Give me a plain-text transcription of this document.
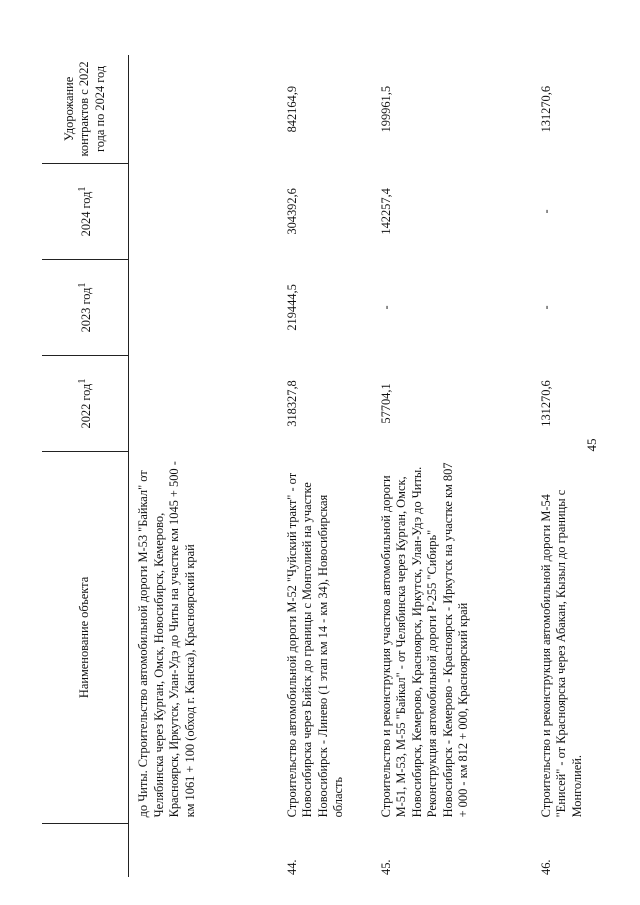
45
	Наименование объекта	2022 год$^1$	2023 год$^1$	2024 год$^1$	Удорожание контрактов с 2022 года по 2024 год
	до Читы. Строительство автомобильной дороги М-53 "Байкал" от Челябинска через Курган, Омск, Новосибирск, Кемерово, Красноярск, Иркутск, Улан-Удэ до Читы на участке км 1045 + 500 - км 1061 + 100 (обход г. Канска), Красноярский край				
44.	Строительство автомобильной дороги М-52 "Чуйский тракт" - от Новосибирска через Бийск до границы с Монголией на участке Новосибирск - Линево (1 этап км 14 - км 34), Новосибирская область	318327,8	219444,5	304392,6	842164,9
45.	Строительство и реконструкция участков автомобильной дороги М-51, М-53, М-55 "Байкал" - от Челябинска через Курган, Омск, Новосибирск, Кемерово, Красноярск, Иркутск, Улан-Удэ до Читы. Реконструкция автомобильной дороги Р-255 "Сибирь" Новосибирск - Кемерово - Красноярск - Иркутск на участке км 807 + 000 - км 812 + 000, Красноярский край	57704,1	-	142257,4	199961,5
46.	Строительство и реконструкция автомобильной дороги М-54 "Енисей" - от Красноярска через Абакан, Кызыл до границы с Монголией.	131270,6	-	-	131270,6
